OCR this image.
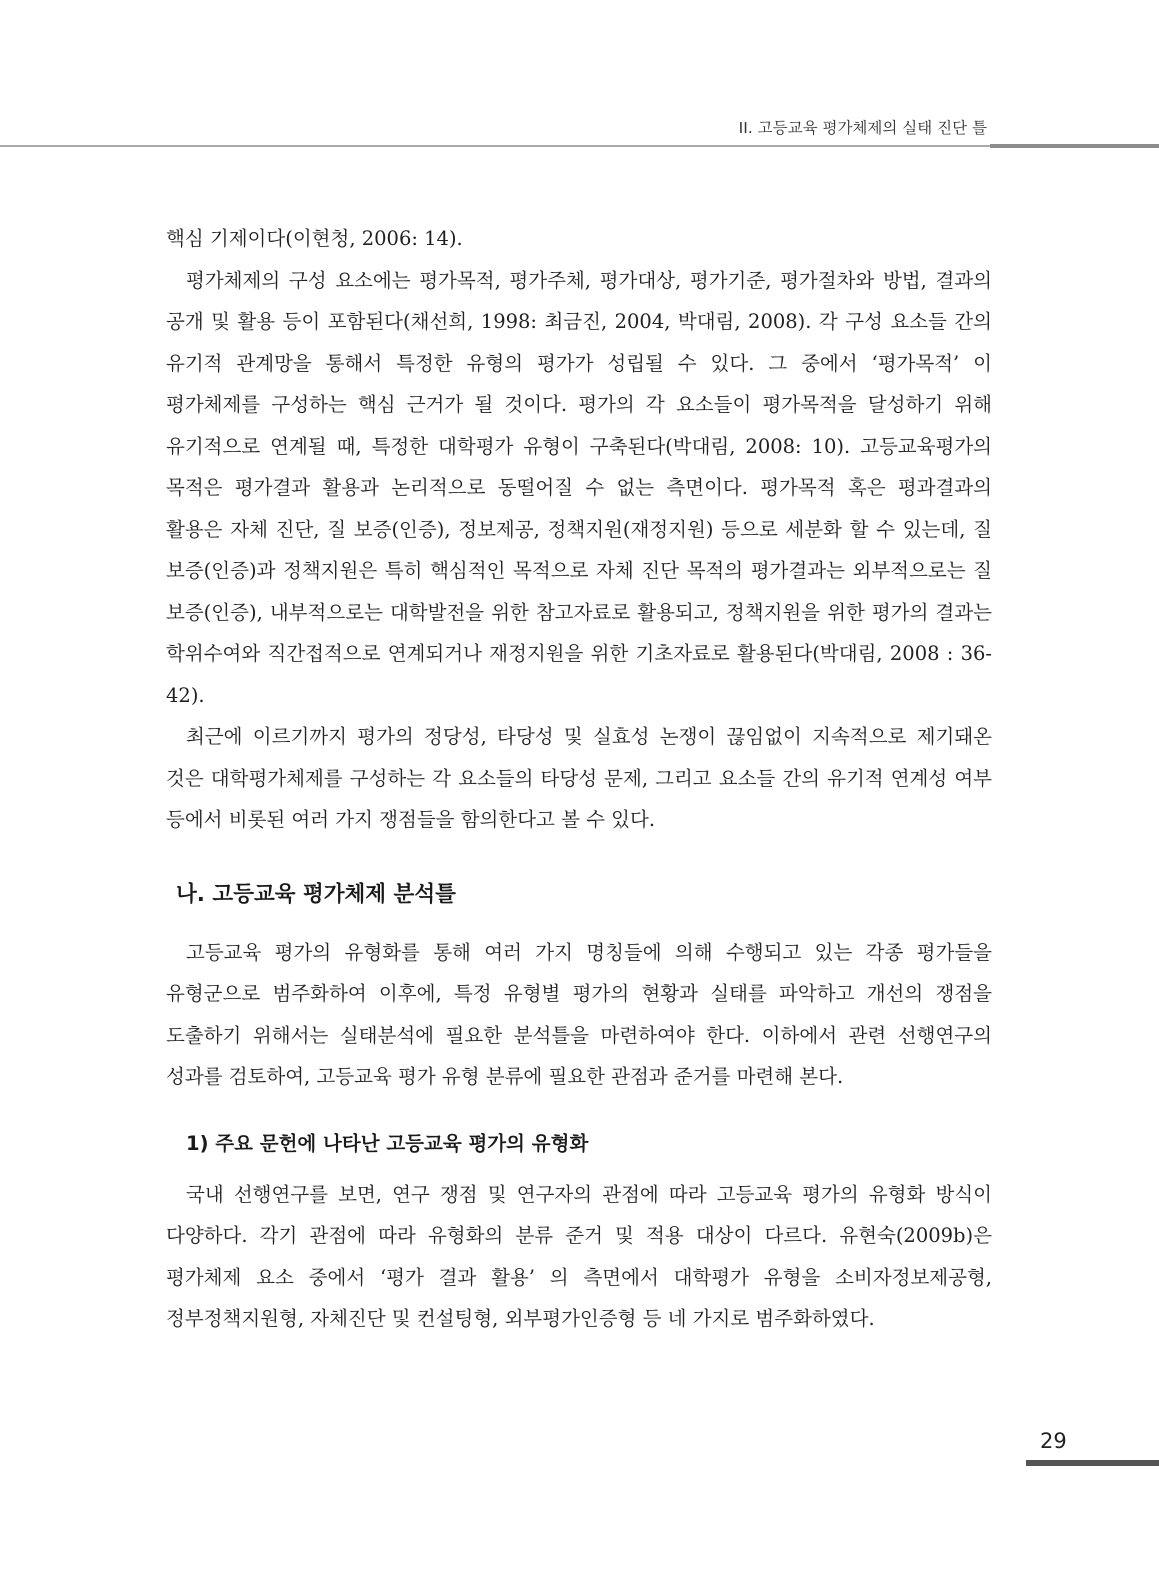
II. 고등교육 평가체제의 실태 진단 틀

핵심 기제이다(이현청, 2006: 14).

평가체제의 구성 요소에는 평가목적, 평가주체, 평가대상, 평가기준, 평가절차와 방법, 결과의 공개 및 활용 등이 포함된다(채선희, 1998: 최금진, 2004, 박대림, 2008). 각 구성 요소들 간의 유기적 관계망을 통해서 특정한 유형의 평가가 성립될 수 있다. 그 중에서 ‘평가목적’ 이 평가체제를 구성하는 핵심 근거가 될 것이다. 평가의 각 요소들이 평가목적을 달성하기 위해 유기적으로 연계될 때, 특정한 대학평가 유형이 구축된다(박대림, 2008: 10). 고등교육평가의 목적은 평가결과 활용과 논리적으로 동떨어질 수 없는 측면이다. 평가목적 혹은 평과결과의 활용은 자체 진단, 질 보증(인증), 정보제공, 정책지원(재정지원) 등으로 세분화 할 수 있는데, 질 보증(인증)과 정책지원은 특히 핵심적인 목적으로 자체 진단 목적의 평가결과는 외부적으로는 질 보증(인증), 내부적으로는 대학발전을 위한 참고자료로 활용되고, 정책지원을 위한 평가의 결과는 학위수여와 직간접적으로 연계되거나 재정지원을 위한 기초자료로 활용된다(박대림, 2008 : 36-42).

최근에 이르기까지 평가의 정당성, 타당성 및 실효성 논쟁이 끊임없이 지속적으로 제기돼온 것은 대학평가체제를 구성하는 각 요소들의 타당성 문제, 그리고 요소들 간의 유기적 연계성 여부 등에서 비롯된 여러 가지 쟁점들을 함의한다고 볼 수 있다.

나. 고등교육 평가체제 분석틀

고등교육 평가의 유형화를 통해 여러 가지 명칭들에 의해 수행되고 있는 각종 평가들을 유형군으로 범주화하여 이후에, 특정 유형별 평가의 현황과 실태를 파악하고 개선의 쟁점을 도출하기 위해서는 실태분석에 필요한 분석틀을 마련하여야 한다. 이하에서 관련 선행연구의 성과를 검토하여, 고등교육 평가 유형 분류에 필요한 관점과 준거를 마련해 본다.

1) 주요 문헌에 나타난 고등교육 평가의 유형화

국내 선행연구를 보면, 연구 쟁점 및 연구자의 관점에 따라 고등교육 평가의 유형화 방식이 다양하다. 각기 관점에 따라 유형화의 분류 준거 및 적용 대상이 다르다. 유현숙(2009b)은 평가체제 요소 중에서 ‘평가 결과 활용’ 의 측면에서 대학평가 유형을 소비자정보제공형, 정부정책지원형, 자체진단 및 컨설팅형, 외부평가인증형 등 네 가지로 범주화하였다.

29
